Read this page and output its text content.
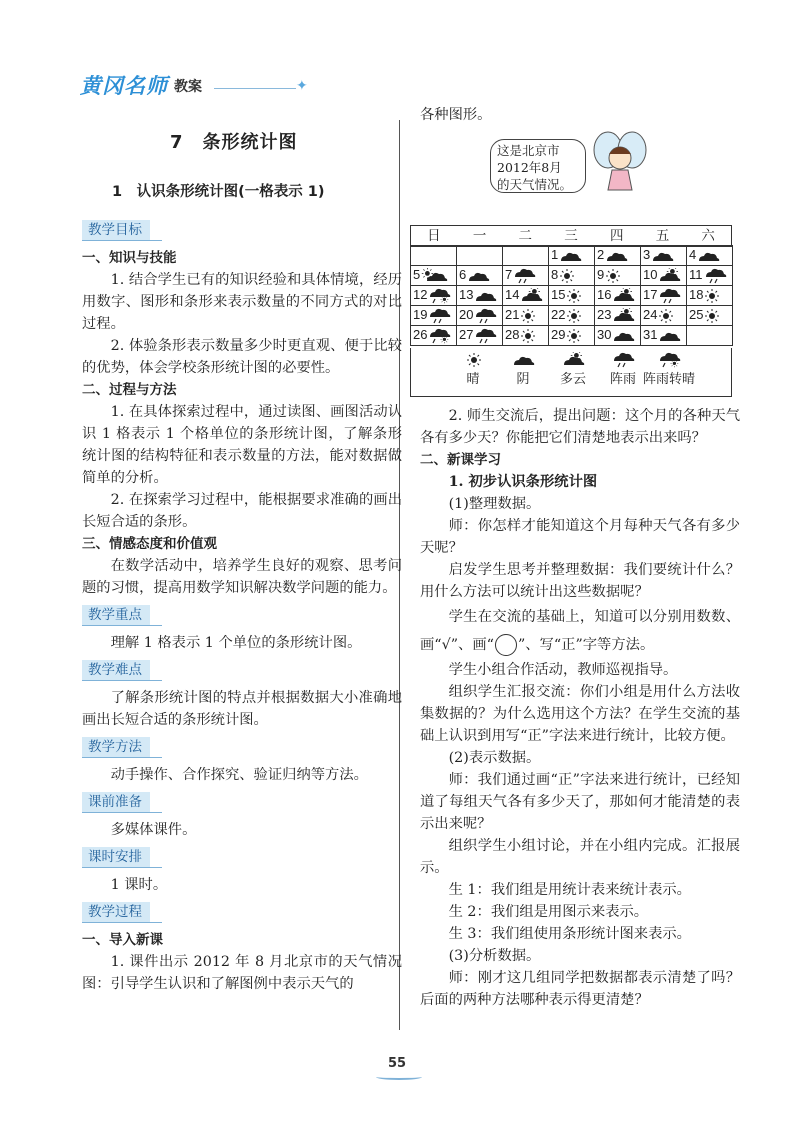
黄冈名师 教案	✦
7　条形统计图
1　认识条形统计图(一格表示 1)
教学目标

一、知识与技能

1. 结合学生已有的知识经验和具体情境，经历用数字、图形和条形来表示数量的不同方式的对比过程。

2. 体验条形表示数量多少时更直观、便于比较的优势，体会学校条形统计图的必要性。

二、过程与方法

1. 在具体探索过程中，通过读图、画图活动认识 1 格表示 1 个格单位的条形统计图，了解条形统计图的结构特征和表示数量的方法，能对数据做简单的分析。

2. 在探索学习过程中，能根据要求准确的画出长短合适的条形。

三、情感态度和价值观

在数学活动中，培养学生良好的观察、思考问题的习惯，提高用数学知识解决数学问题的能力。

教学重点

理解 1 格表示 1 个单位的条形统计图。

教学难点

了解条形统计图的特点并根据数据大小准确地画出长短合适的条形统计图。

教学方法

动手操作、合作探究、验证归纳等方法。

课前准备

多媒体课件。

课时安排

1 课时。

教学过程

一、导入新课

1. 课件出示 2012 年 8 月北京市的天气情况图：引导学生认识和了解图例中表示天气的

各种图形。

这是北京市
2012年8月
的天气情况。
日	一	二	三	四	五	六
			1	2	3	4
5	6	7	8	9	10	11
12	13	14	15	16	17	18
19	20	21	22	23	24	25
26	27	28	29	30	31	
晴	阴	多云	阵雨 阵雨转晴

2. 师生交流后，提出问题：这个月的各种天气各有多少天？你能把它们清楚地表示出来吗？

二、新课学习

1. 初步认识条形统计图

(1)整理数据。

师：你怎样才能知道这个月每种天气各有多少天呢？

启发学生思考并整理数据：我们要统计什么？用什么方法可以统计出这些数据呢？

学生在交流的基础上，知道可以分别用数数、画“√”、画“ ”、写“正”字等方法。

学生小组合作活动，教师巡视指导。

组织学生汇报交流：你们小组是用什么方法收集数据的？为什么选用这个方法？在学生交流的基础上认识到用写“正”字法来进行统计，比较方便。

(2)表示数据。

师：我们通过画“正”字法来进行统计，已经知道了每组天气各有多少天了，那如何才能清楚的表示出来呢？

组织学生小组讨论，并在小组内完成。汇报展示。

生 1：我们组是用统计表来统计表示。

生 2：我们组是用图示来表示。

生 3：我们组使用条形统计图来表示。

(3)分析数据。

师：刚才这几组同学把数据都表示清楚了吗？后面的两种方法哪种表示得更清楚？

55
